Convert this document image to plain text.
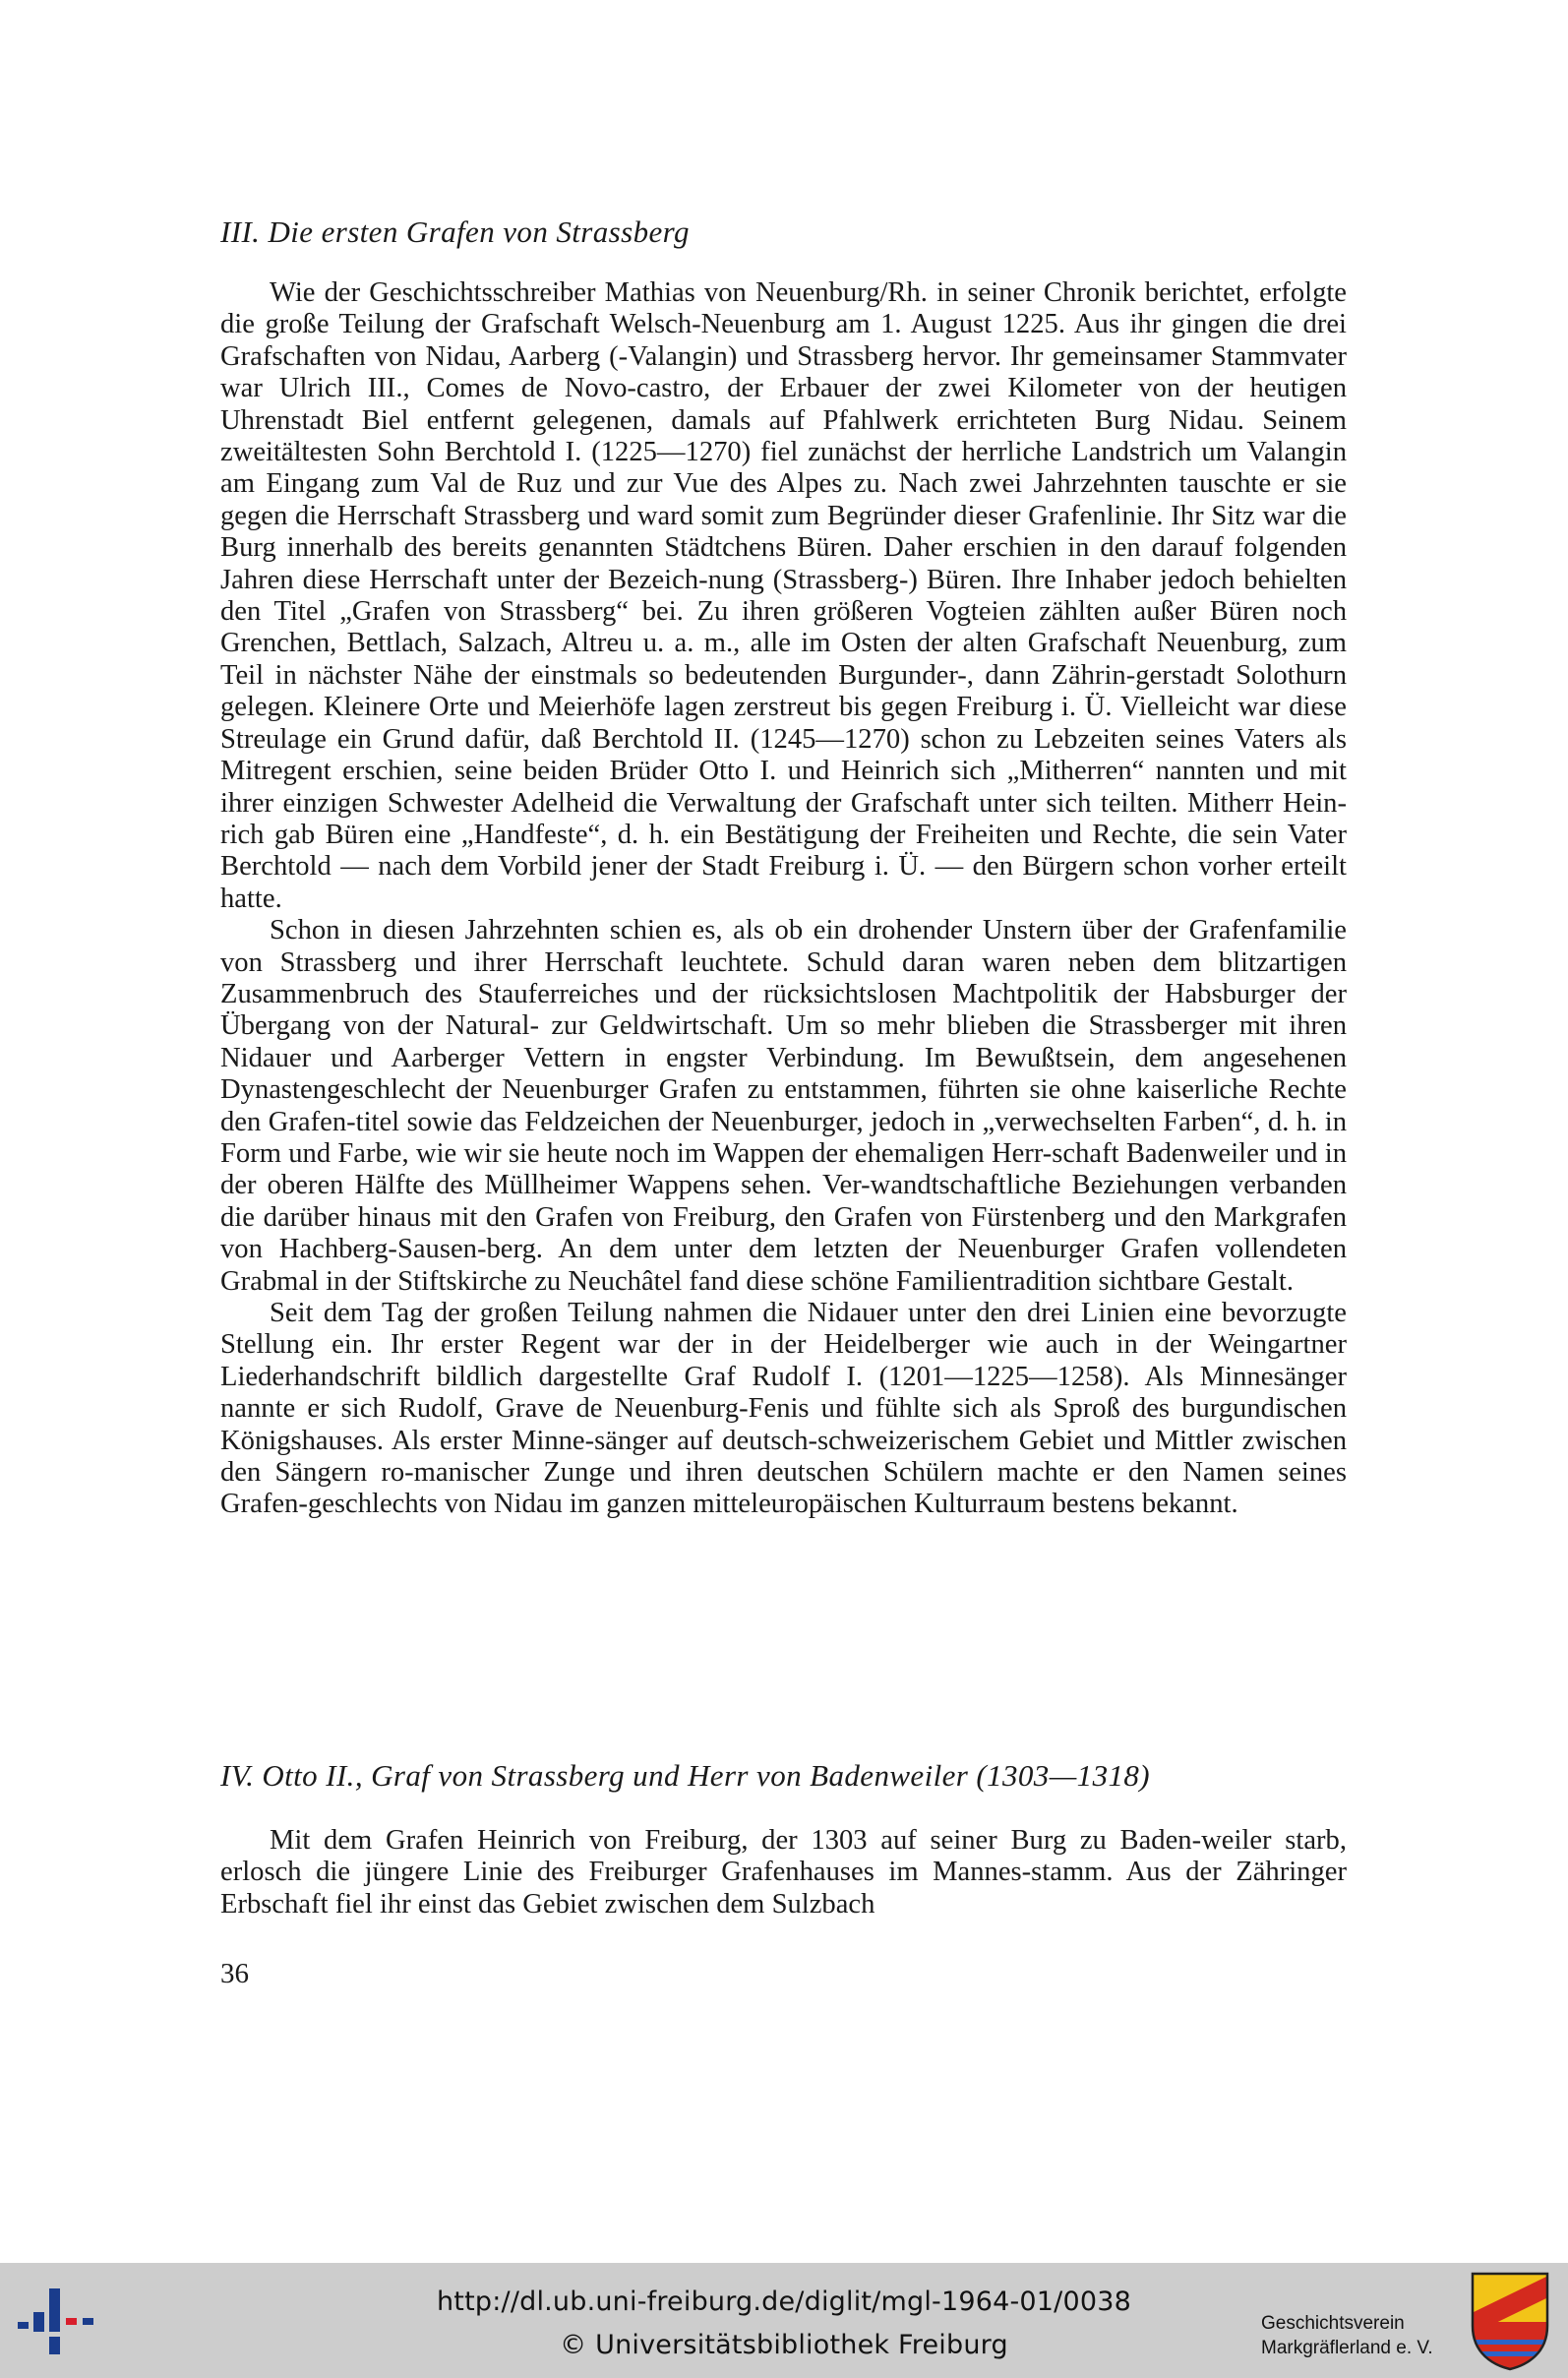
III. Die ersten Grafen von Strassberg

Wie der Geschichtsschreiber Mathias von Neuenburg/Rh. in seiner Chronik berichtet, erfolgte die große Teilung der Grafschaft Welsch-Neuenburg am 1. August 1225. Aus ihr gingen die drei Grafschaften von Nidau, Aarberg (-Valangin) und Strassberg hervor. Ihr gemeinsamer Stammvater war Ulrich III., Comes de Novo-castro, der Erbauer der zwei Kilometer von der heutigen Uhrenstadt Biel entfernt gelegenen, damals auf Pfahlwerk errichteten Burg Nidau. Seinem zweitältesten Sohn Berchtold I. (1225—1270) fiel zunächst der herrliche Landstrich um Valangin am Eingang zum Val de Ruz und zur Vue des Alpes zu. Nach zwei Jahrzehnten tauschte er sie gegen die Herrschaft Strassberg und ward somit zum Begründer dieser Grafenlinie. Ihr Sitz war die Burg innerhalb des bereits genannten Städtchens Büren. Daher erschien in den darauf folgenden Jahren diese Herrschaft unter der Bezeich-nung (Strassberg-) Büren. Ihre Inhaber jedoch behielten den Titel „Grafen von Strassberg“ bei. Zu ihren größeren Vogteien zählten außer Büren noch Grenchen, Bettlach, Salzach, Altreu u. a. m., alle im Osten der alten Grafschaft Neuenburg, zum Teil in nächster Nähe der einstmals so bedeutenden Burgunder-, dann Zährin-gerstadt Solothurn gelegen. Kleinere Orte und Meierhöfe lagen zerstreut bis gegen Freiburg i. Ü. Vielleicht war diese Streulage ein Grund dafür, daß Berchtold II. (1245—1270) schon zu Lebzeiten seines Vaters als Mitregent erschien, seine beiden Brüder Otto I. und Heinrich sich „Mitherren“ nannten und mit ihrer einzigen Schwester Adelheid die Verwaltung der Grafschaft unter sich teilten. Mitherr Hein-rich gab Büren eine „Handfeste“, d. h. ein Bestätigung der Freiheiten und Rechte, die sein Vater Berchtold — nach dem Vorbild jener der Stadt Freiburg i. Ü. — den Bürgern schon vorher erteilt hatte.

Schon in diesen Jahrzehnten schien es, als ob ein drohender Unstern über der Grafenfamilie von Strassberg und ihrer Herrschaft leuchtete. Schuld daran waren neben dem blitzartigen Zusammenbruch des Stauferreiches und der rücksichtslosen Machtpolitik der Habsburger der Übergang von der Natural- zur Geldwirtschaft. Um so mehr blieben die Strassberger mit ihren Nidauer und Aarberger Vettern in engster Verbindung. Im Bewußtsein, dem angesehenen Dynastengeschlecht der Neuenburger Grafen zu entstammen, führten sie ohne kaiserliche Rechte den Grafen-titel sowie das Feldzeichen der Neuenburger, jedoch in „verwechselten Farben“, d. h. in Form und Farbe, wie wir sie heute noch im Wappen der ehemaligen Herr-schaft Badenweiler und in der oberen Hälfte des Müllheimer Wappens sehen. Ver-wandtschaftliche Beziehungen verbanden die darüber hinaus mit den Grafen von Freiburg, den Grafen von Fürstenberg und den Markgrafen von Hachberg-Sausen-berg. An dem unter dem letzten der Neuenburger Grafen vollendeten Grabmal in der Stiftskirche zu Neuchâtel fand diese schöne Familientradition sichtbare Gestalt.

Seit dem Tag der großen Teilung nahmen die Nidauer unter den drei Linien eine bevorzugte Stellung ein. Ihr erster Regent war der in der Heidelberger wie auch in der Weingartner Liederhandschrift bildlich dargestellte Graf Rudolf I. (1201—1225—1258). Als Minnesänger nannte er sich Rudolf, Grave de Neuenburg-Fenis und fühlte sich als Sproß des burgundischen Königshauses. Als erster Minne-sänger auf deutsch-schweizerischem Gebiet und Mittler zwischen den Sängern ro-manischer Zunge und ihren deutschen Schülern machte er den Namen seines Grafen-geschlechts von Nidau im ganzen mitteleuropäischen Kulturraum bestens bekannt.

IV. Otto II., Graf von Strassberg und Herr von Badenweiler (1303—1318)

Mit dem Grafen Heinrich von Freiburg, der 1303 auf seiner Burg zu Baden-weiler starb, erlosch die jüngere Linie des Freiburger Grafenhauses im Mannes-stamm. Aus der Zähringer Erbschaft fiel ihr einst das Gebiet zwischen dem Sulzbach

36
http://dl.ub.uni-freiburg.de/diglit/mgl-1964-01/0038
© Universitätsbibliothek Freiburg
Geschichtsverein
Markgräflerland e. V.
